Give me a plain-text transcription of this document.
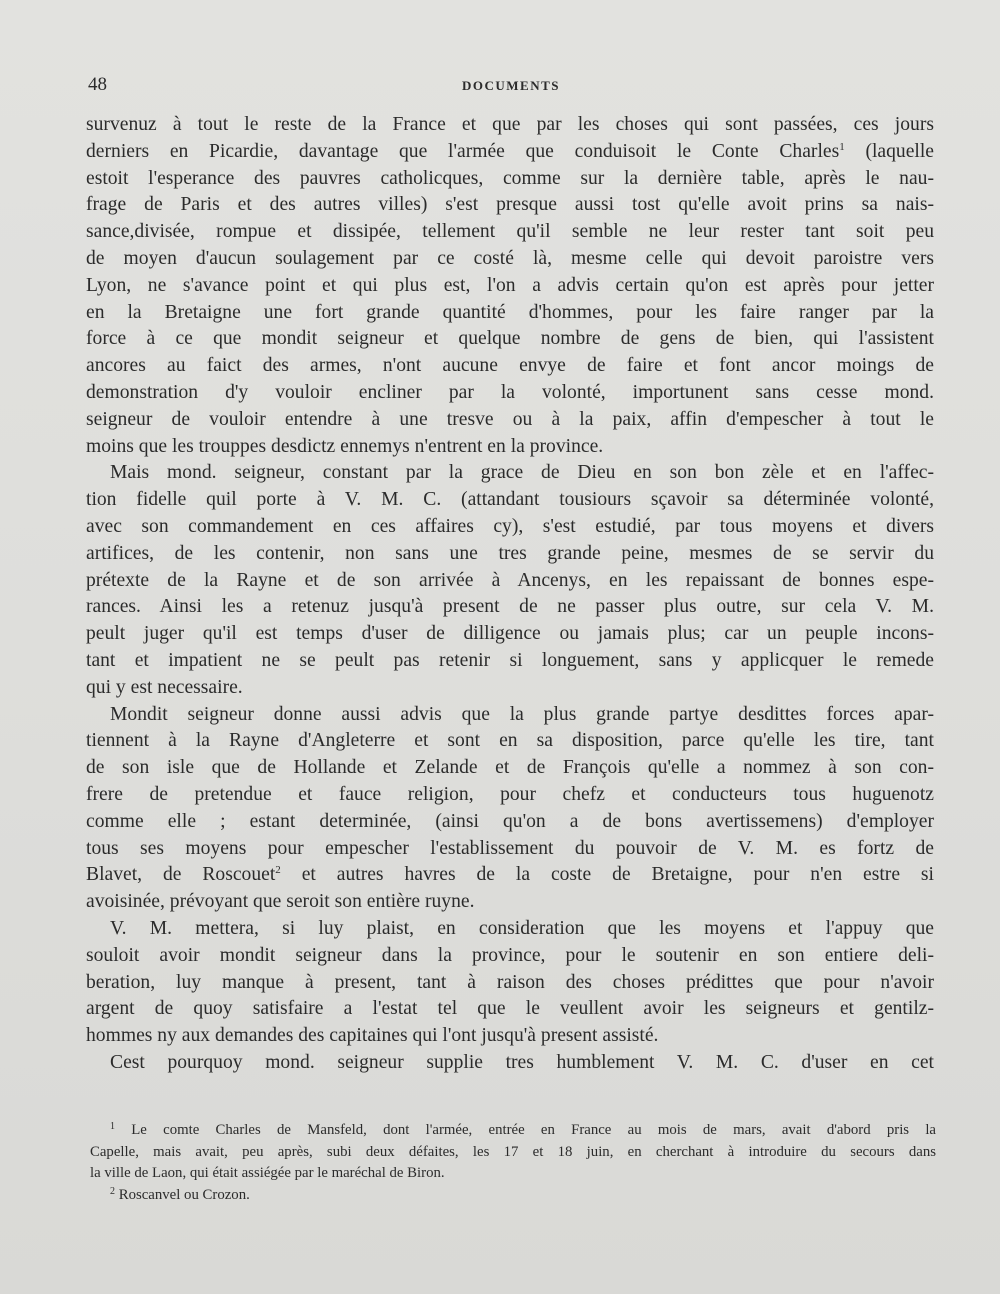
48	DOCUMENTS
survenuz à tout le reste de la France et que par les choses qui sont passées, ces jours
derniers en Picardie, davantage que l'armée que conduisoit le Conte Charles$^1$ (laquelle
estoit l'esperance des pauvres catholicques, comme sur la dernière table, après le nau-
frage de Paris et des autres villes) s'est presque aussi tost qu'elle avoit prins sa nais-
sance,divisée, rompue et dissipée, tellement qu'il semble ne leur rester tant soit peu
de moyen d'aucun soulagement par ce costé là, mesme celle qui devoit paroistre vers
Lyon, ne s'avance point et qui plus est, l'on a advis certain qu'on est après pour jetter
en la Bretaigne une fort grande quantité d'hommes, pour les faire ranger par la
force à ce que mondit seigneur et quelque nombre de gens de bien, qui l'assistent
ancores au faict des armes, n'ont aucune envye de faire et font ancor moings de
demonstration d'y vouloir encliner par la volonté, importunent sans cesse mond.
seigneur de vouloir entendre à une tresve ou à la paix, affin d'empescher à tout le
moins que les trouppes desdictz ennemys n'entrent en la province.
Mais mond. seigneur, constant par la grace de Dieu en son bon zèle et en l'affec-
tion fidelle quil porte à V. M. C. (attandant tousiours sçavoir sa déterminée volonté,
avec son commandement en ces affaires cy), s'est estudié, par tous moyens et divers
artifices, de les contenir, non sans une tres grande peine, mesmes de se servir du
prétexte de la Rayne et de son arrivée à Ancenys, en les repaissant de bonnes espe-
rances. Ainsi les a retenuz jusqu'à present de ne passer plus outre, sur cela V. M.
peult juger qu'il est temps d'user de dilligence ou jamais plus; car un peuple incons-
tant et impatient ne se peult pas retenir si longuement, sans y applicquer le remede
qui y est necessaire.
Mondit seigneur donne aussi advis que la plus grande partye desdittes forces apar-
tiennent à la Rayne d'Angleterre et sont en sa disposition, parce qu'elle les tire, tant
de son isle que de Hollande et Zelande et de François qu'elle a nommez à son con-
frere de pretendue et fauce religion, pour chefz et conducteurs tous huguenotz
comme elle ; estant determinée, (ainsi qu'on a de bons avertissemens) d'employer
tous ses moyens pour empescher l'establissement du pouvoir de V. M. es fortz de
Blavet, de Roscouet$^2$ et autres havres de la coste de Bretaigne, pour n'en estre si
avoisinée, prévoyant que seroit son entière ruyne.
V. M. mettera, si luy plaist, en consideration que les moyens et l'appuy que
souloit avoir mondit seigneur dans la province, pour le soutenir en son entiere deli-
beration, luy manque à present, tant à raison des choses prédittes que pour n'avoir
argent de quoy satisfaire a l'estat tel que le veullent avoir les seigneurs et gentilz-
hommes ny aux demandes des capitaines qui l'ont jusqu'à present assisté.
Cest pourquoy mond. seigneur supplie tres humblement V. M. C. d'user en cet
$^1$ Le comte Charles de Mansfeld, dont l'armée, entrée en France au mois de mars, avait d'abord pris la
Capelle, mais avait, peu après, subi deux défaites, les 17 et 18 juin, en cherchant à introduire du secours dans
la ville de Laon, qui était assiégée par le maréchal de Biron.
$^2$ Roscanvel ou Crozon.
